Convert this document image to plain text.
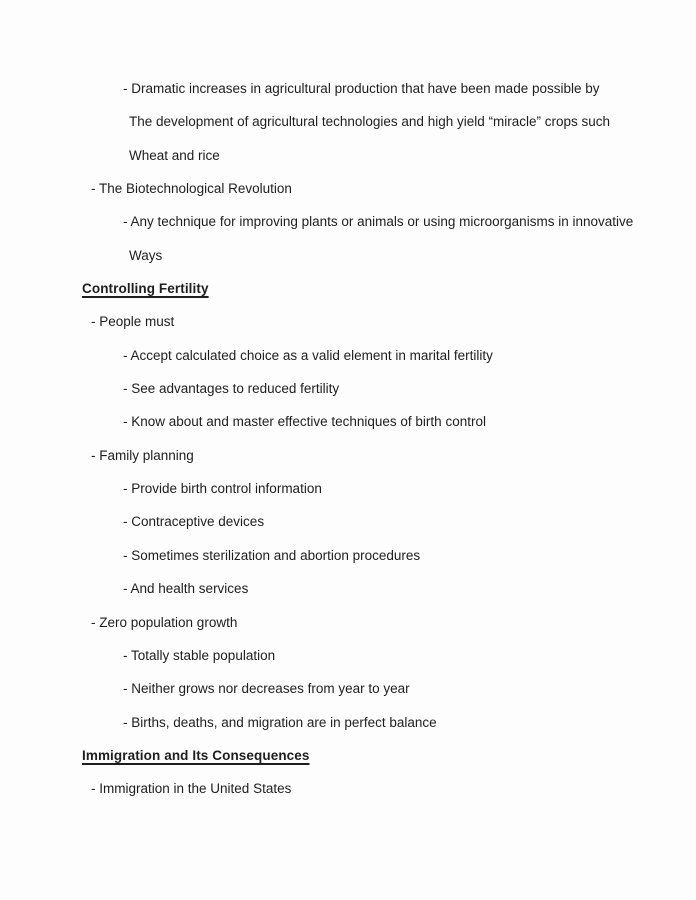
- Dramatic increases in agricultural production that have been made possible by
The development of agricultural technologies and high yield “miracle” crops such
Wheat and rice
- The Biotechnological Revolution
- Any technique for improving plants or animals or using microorganisms in innovative
Ways
Controlling Fertility
- People must
- Accept calculated choice as a valid element in marital fertility
- See advantages to reduced fertility
- Know about and master effective techniques of birth control
- Family planning
- Provide birth control information
- Contraceptive devices
- Sometimes sterilization and abortion procedures
- And health services
- Zero population growth
- Totally stable population
- Neither grows nor decreases from year to year
- Births, deaths, and migration are in perfect balance
Immigration and Its Consequences
- Immigration in the United States
